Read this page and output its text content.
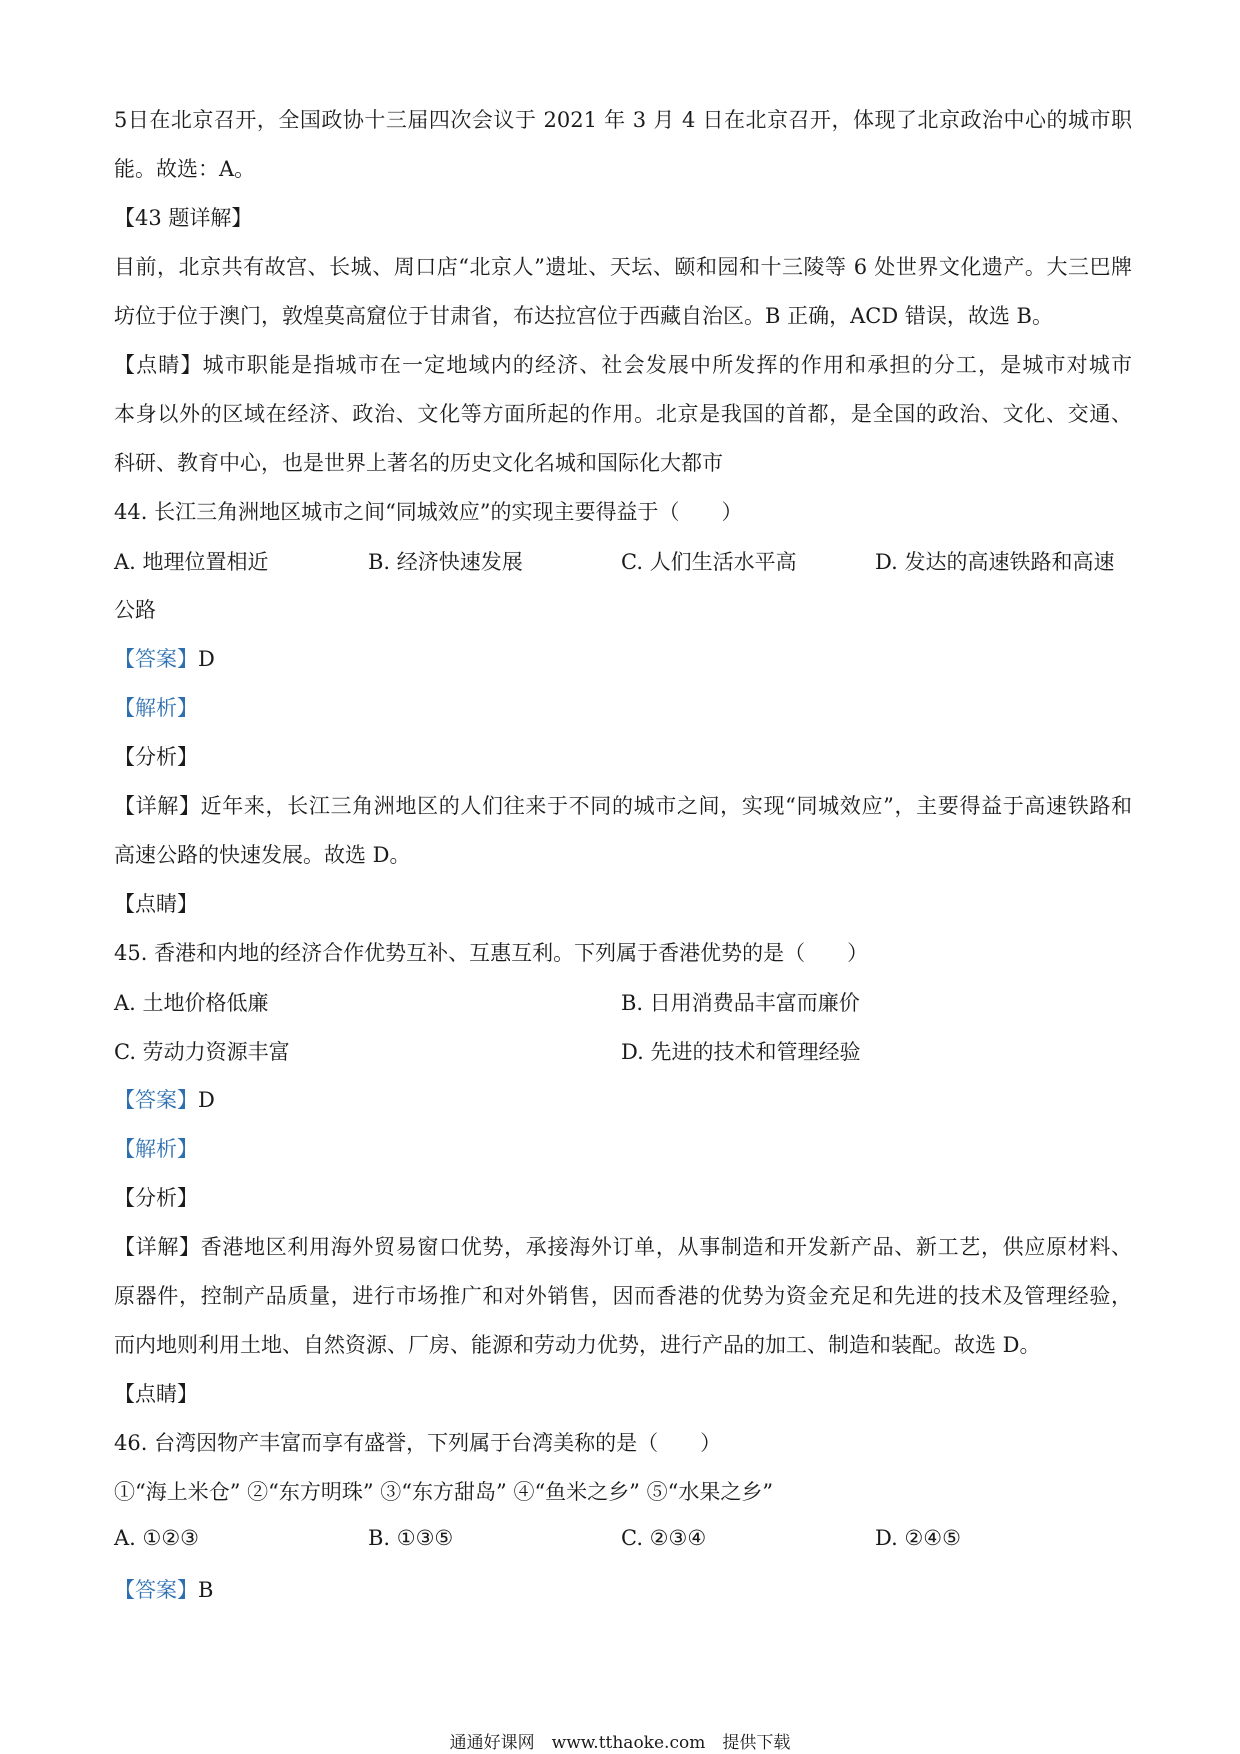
5日在北京召开，全国政协十三届四次会议于 2021 年 3 月 4 日在北京召开，体现了北京政治中心的城市职
能。故选：A。
【43 题详解】
目前，北京共有故宫、长城、周口店“北京人”遗址、天坛、颐和园和十三陵等 6 处世界文化遗产。大三巴牌
坊位于位于澳门，敦煌莫高窟位于甘肃省，布达拉宫位于西藏自治区。B 正确，ACD 错误，故选 B。
【点睛】城市职能是指城市在一定地域内的经济、社会发展中所发挥的作用和承担的分工，是城市对城市
本身以外的区域在经济、政治、文化等方面所起的作用。北京是我国的首都，是全国的政治、文化、交通、
科研、教育中心，也是世界上著名的历史文化名城和国际化大都市
44. 长江三角洲地区城市之间“同城效应”的实现主要得益于（　　）
A. 地理位置相近	B. 经济快速发展	C. 人们生活水平高	D. 发达的高速铁路和高速
公路
【答案】D
【解析】
【分析】
【详解】近年来，长江三角洲地区的人们往来于不同的城市之间，实现“同城效应”，主要得益于高速铁路和
高速公路的快速发展。故选 D。
【点睛】
45. 香港和内地的经济合作优势互补、互惠互利。下列属于香港优势的是（　　）
A. 土地价格低廉	B. 日用消费品丰富而廉价
C. 劳动力资源丰富	D. 先进的技术和管理经验
【答案】D
【解析】
【分析】
【详解】香港地区利用海外贸易窗口优势，承接海外订单，从事制造和开发新产品、新工艺，供应原材料、
原器件，控制产品质量，进行市场推广和对外销售，因而香港的优势为资金充足和先进的技术及管理经验，
而内地则利用土地、自然资源、厂房、能源和劳动力优势，进行产品的加工、制造和装配。故选 D。
【点睛】
46. 台湾因物产丰富而享有盛誉，下列属于台湾美称的是（　　）
①“海上米仓” ②“东方明珠” ③“东方甜岛” ④“鱼米之乡” ⑤“水果之乡”
A. ①②③	B. ①③⑤	C. ②③④	D. ②④⑤
【答案】B
通通好课网　www.tthaoke.com　提供下载
